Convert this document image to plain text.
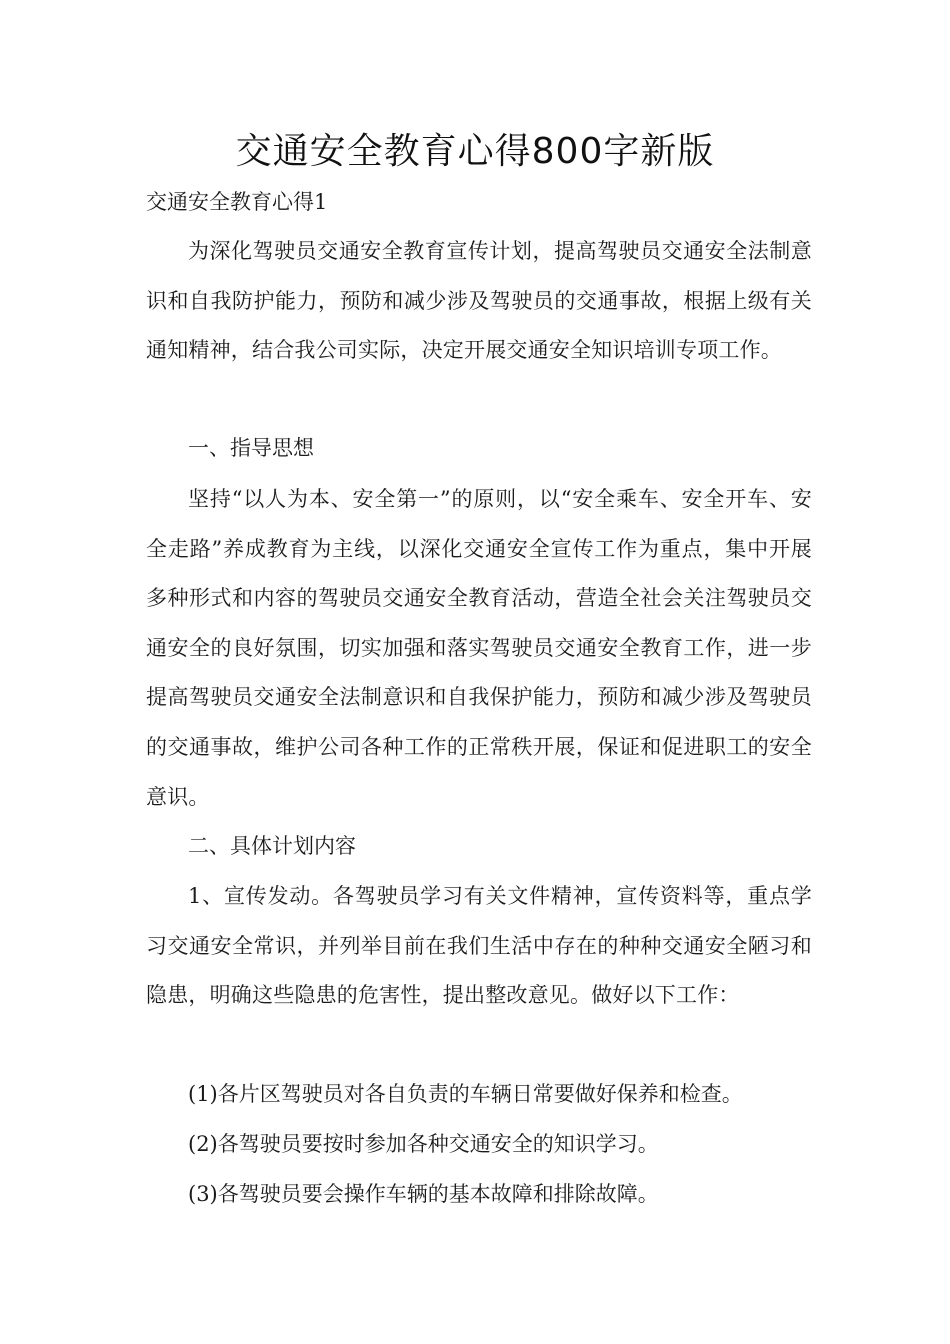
交通安全教育心得800字新版
交通安全教育心得1

为深化驾驶员交通安全教育宣传计划，提高驾驶员交通安全法制意识和自我防护能力，预防和减少涉及驾驶员的交通事故，根据上级有关通知精神，结合我公司实际，决定开展交通安全知识培训专项工作。

一、指导思想

坚持“以人为本、安全第一”的原则，以“安全乘车、安全开车、安全走路”养成教育为主线，以深化交通安全宣传工作为重点，集中开展多种形式和内容的驾驶员交通安全教育活动，营造全社会关注驾驶员交通安全的良好氛围，切实加强和落实驾驶员交通安全教育工作，进一步提高驾驶员交通安全法制意识和自我保护能力，预防和减少涉及驾驶员的交通事故，维护公司各种工作的正常秩开展，保证和促进职工的安全意识。

二、具体计划内容

1、宣传发动。各驾驶员学习有关文件精神，宣传资料等，重点学习交通安全常识，并列举目前在我们生活中存在的种种交通安全陋习和隐患，明确这些隐患的危害性，提出整改意见。做好以下工作：

(1)各片区驾驶员对各自负责的车辆日常要做好保养和检查。
(2)各驾驶员要按时参加各种交通安全的知识学习。
(3)各驾驶员要会操作车辆的基本故障和排除故障。
